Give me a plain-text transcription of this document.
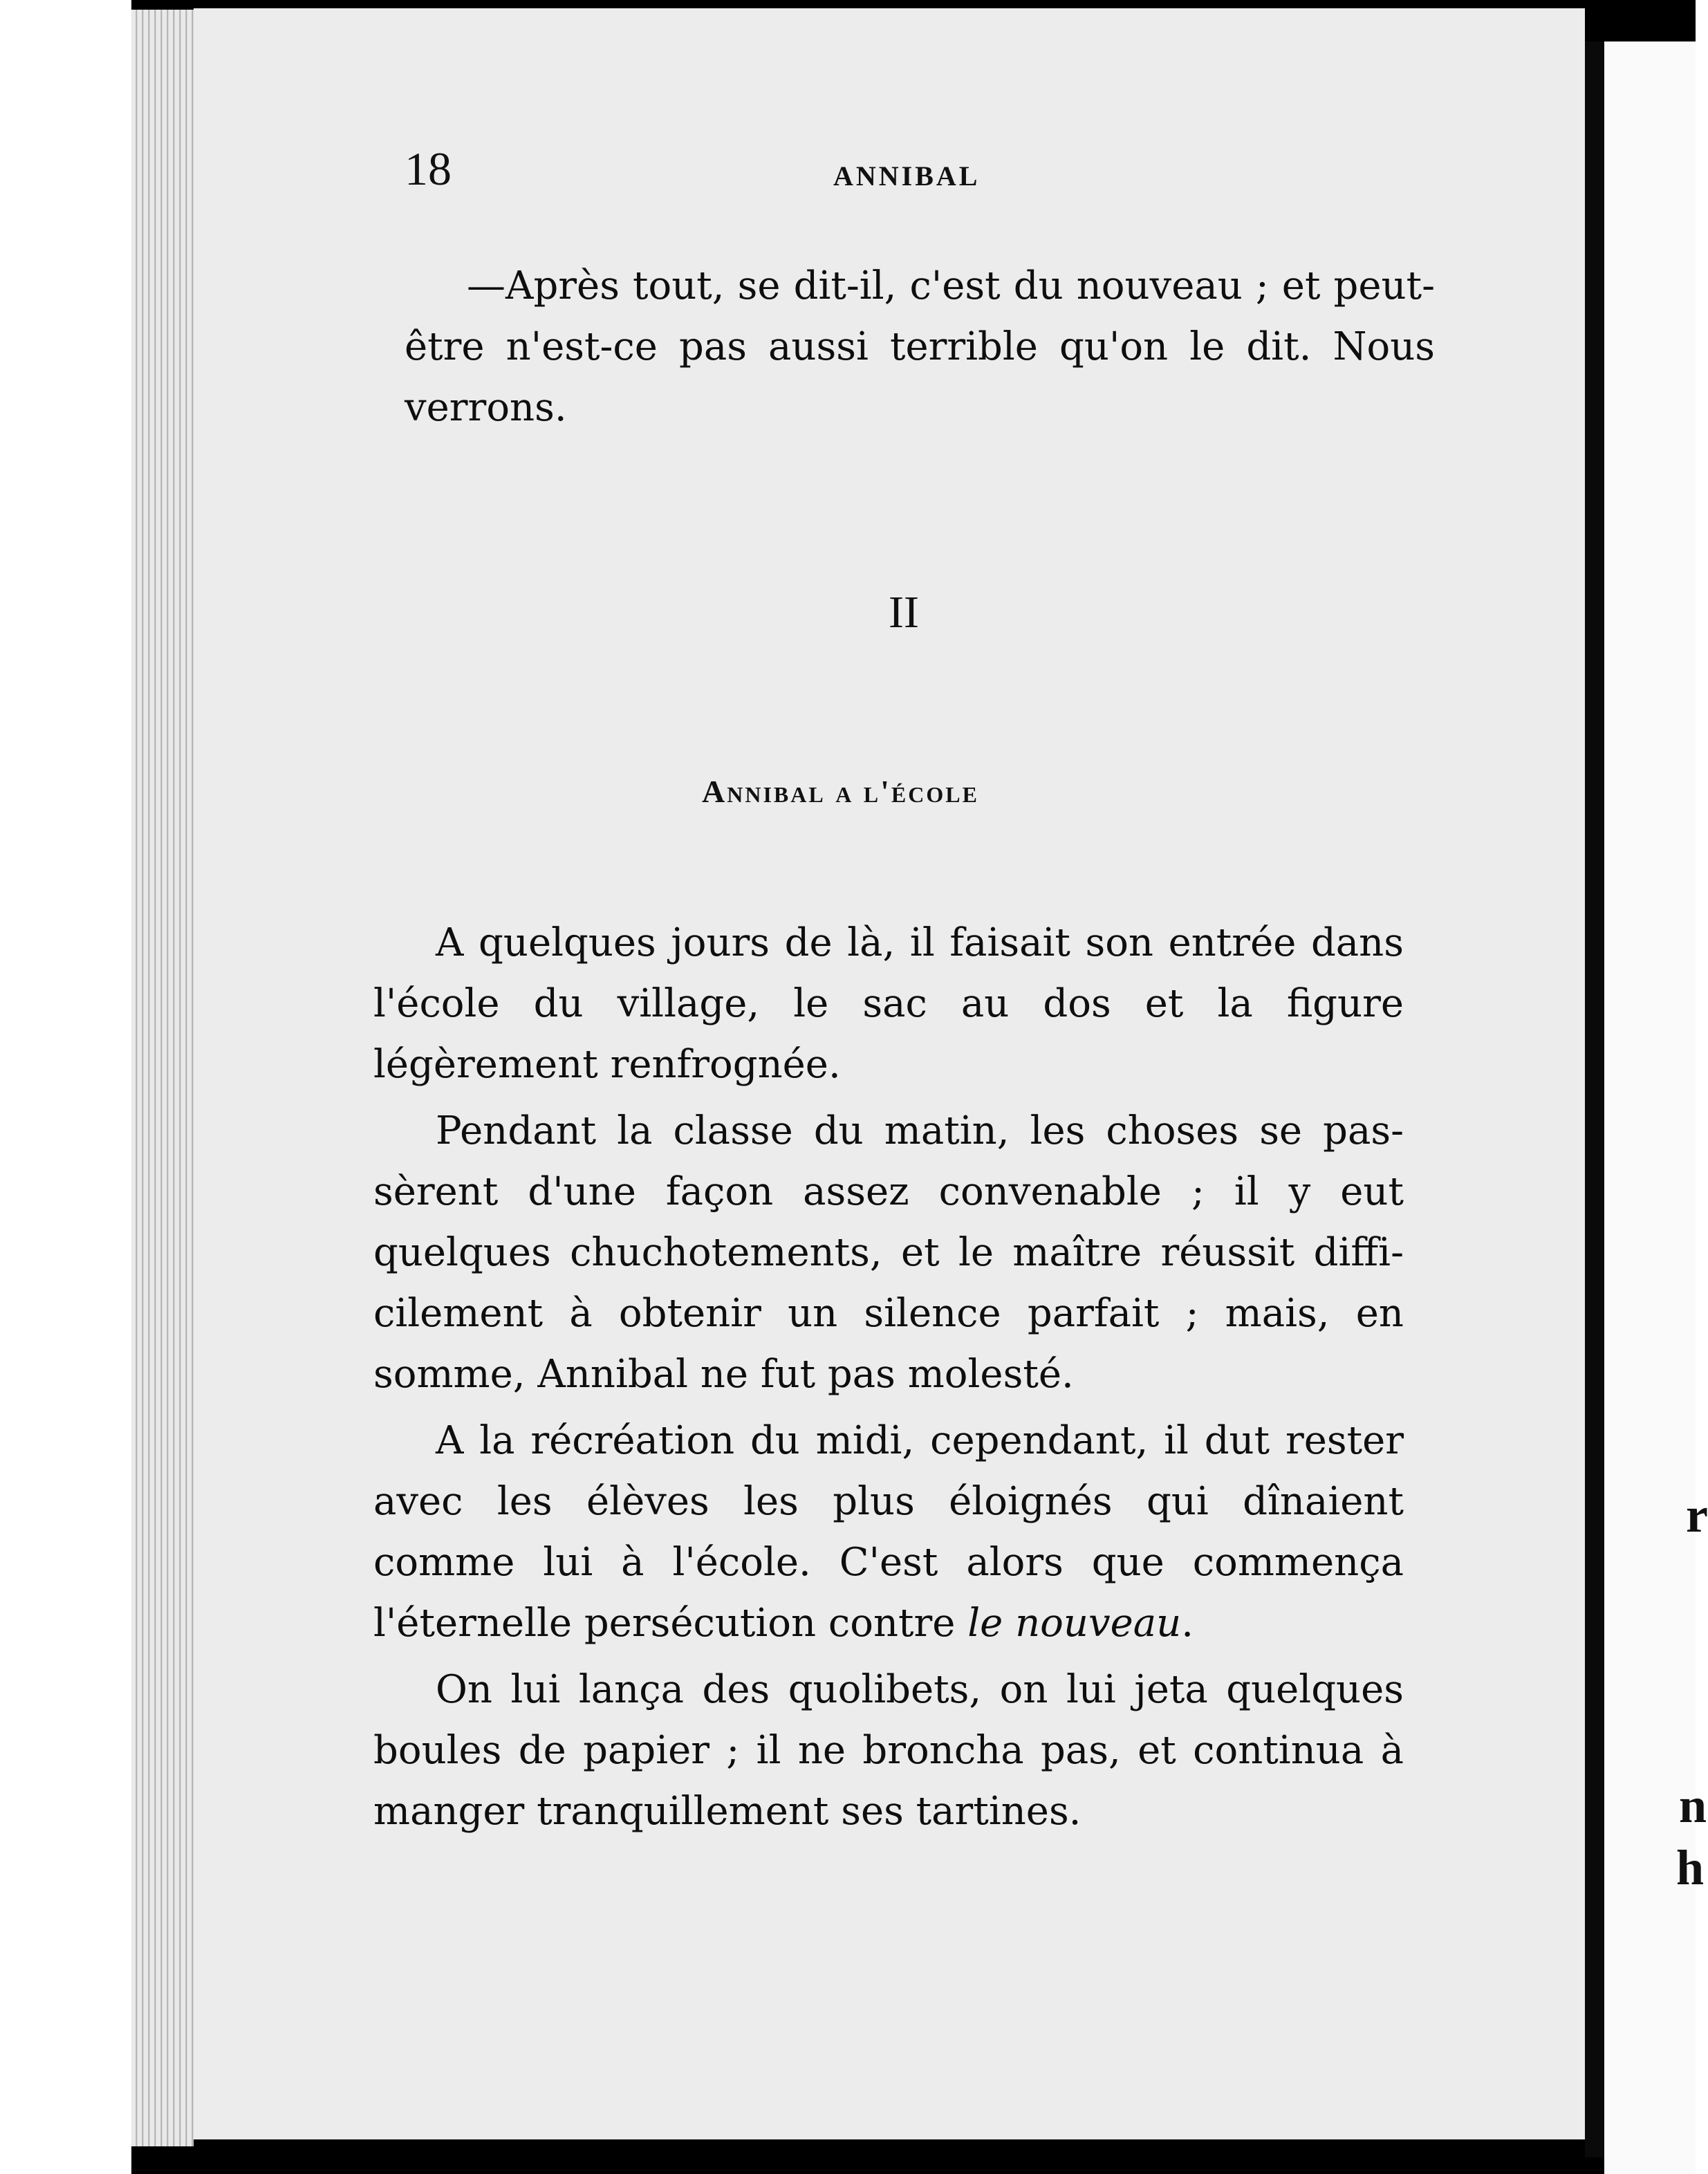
18	ANNIBAL
—Après tout, se dit-il, c'est du nouveau ; et peut-être n'est-ce pas aussi terrible qu'on le dit. Nous verrons.
II
Annibal a l'école

A quelques jours de là, il faisait son entrée dans l'école du village, le sac au dos et la figure légèrement renfrognée.

Pendant la classe du matin, les choses se passèrent d'une façon assez convenable ; il y eut quelques chuchotements, et le maître réussit difficilement à obtenir un silence parfait ; mais, en somme, Annibal ne fut pas molesté.

A la récréation du midi, cependant, il dut rester avec les élèves les plus éloignés qui dînaient comme lui à l'école. C'est alors que commença l'éternelle persécution contre le nouveau.

On lui lança des quolibets, on lui jeta quelques boules de papier ; il ne broncha pas, et continua à manger tranquillement ses tartines.

r
n
h
